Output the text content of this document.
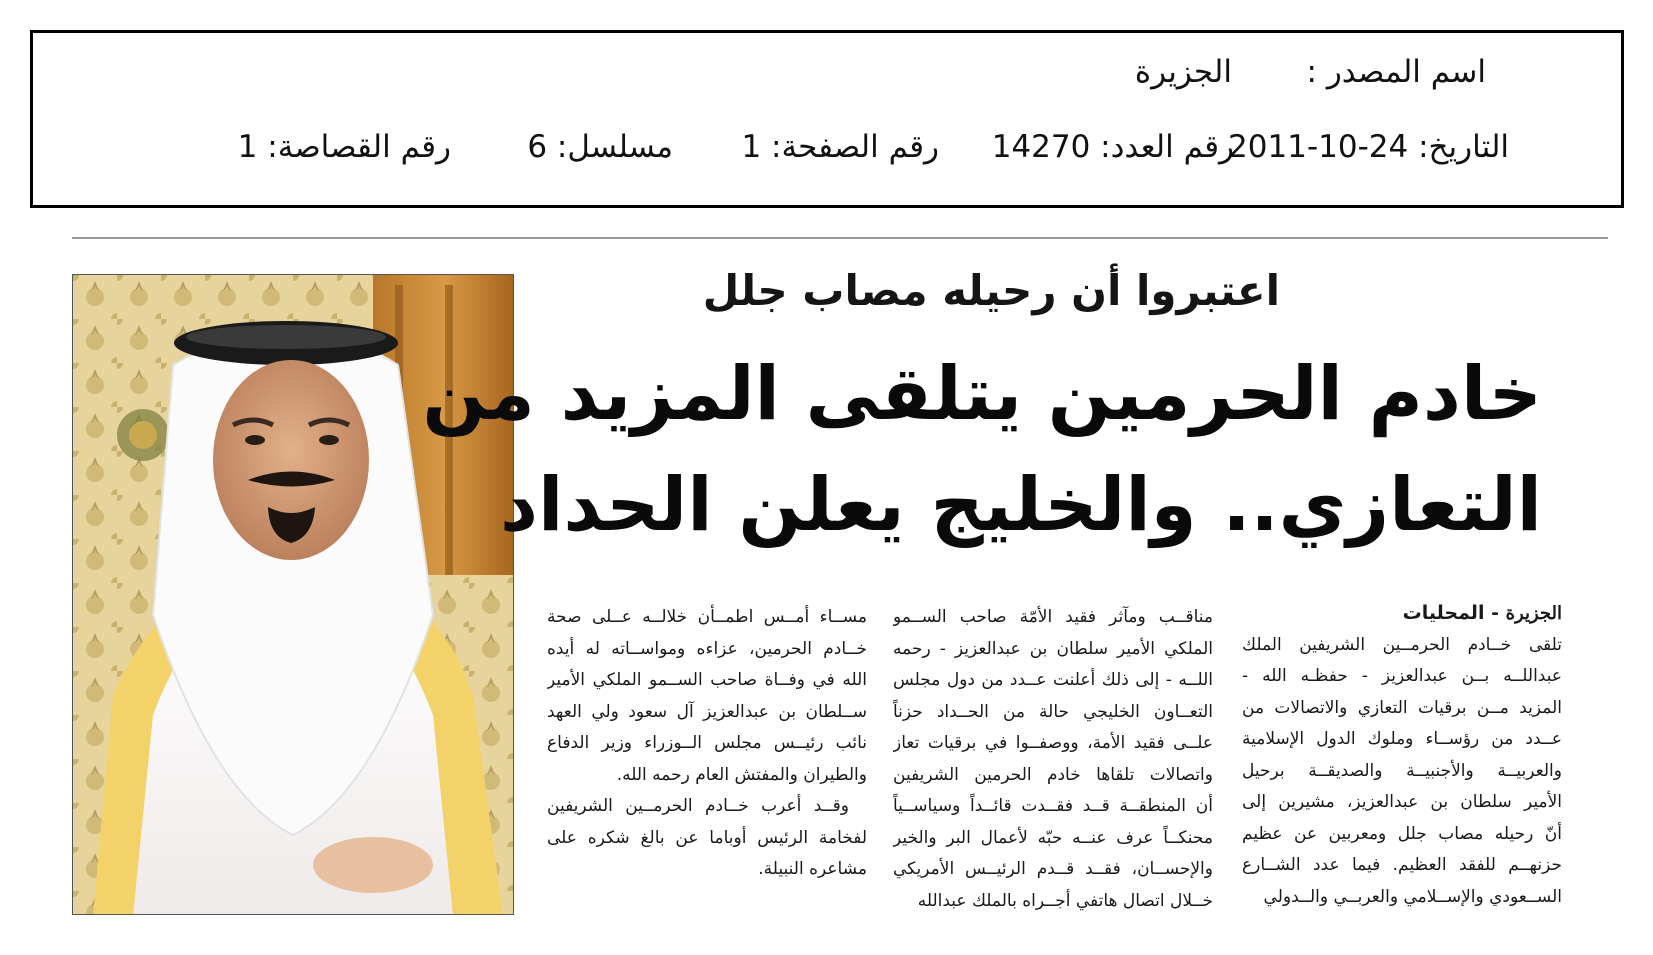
اسم المصدر :
الجزيرة
التاريخ: 24-10-2011
رقم العدد: 14270
رقم الصفحة: 1
مسلسل: 6
رقم القصاصة: 1
اعتبروا أن رحيله مصاب جلل
خادم الحرمين يتلقى المزيد من
التعازي.. والخليج يعلن الحداد
الجزيرة - المحليات
تلقى خــادم الحرمــين الشريفين الملك
عبداللــه بــن عبدالعزيز - حفظـه الله -
المزيد مــن برقيات التعازي والاتصالات من
عــدد من رؤســاء وملوك الدول الإسلامية
والعربيــة والأجنبيــة والصديقــة برحيل
الأمير سلطان بن عبدالعزيز، مشيرين إلى
أنّ رحيله مصاب جلل ومعربين عن عظيم
حزنهــم للفقد العظيم. فيما عدد الشــارع
الســعودي والإســلامي والعربــي والــدولي
مناقــب ومآثر فقيد الأمّة صاحب الســمو
الملكي الأمير سلطان بن عبدالعزيز - رحمه
اللــه - إلى ذلك أعلنت عــدد من دول مجلس
التعــاون الخليجي حالة من الحــداد حزناً
علــى فقيد الأمة، ووصفــوا في برقيات تعاز
واتصالات تلقاها خادم الحرمين الشريفين
أن المنطقــة قــد فقــدت قائــداً وسياســياً
محنكــاً عرف عنــه حبّه لأعمال البر والخير
والإحســان، فقــد قــدم الرئيــس الأمريكي
خــلال اتصال هاتفي أجــراه بالملك عبدالله
مســاء أمــس اطمــأن خلالــه عــلى صحة
خــادم الحرمين، عزاءه ومواســاته له أيده
الله في وفــاة صاحب الســمو الملكي الأمير
ســلطان بن عبدالعزيز آل سعود ولي العهد
نائب رئيــس مجلس الــوزراء وزير الدفاع
والطيران والمفتش العام رحمه الله.
وقــد أعرب خــادم الحرمــين الشريفين
لفخامة الرئيس أوباما عن بالغ شكره على
مشاعره النبيلة.
